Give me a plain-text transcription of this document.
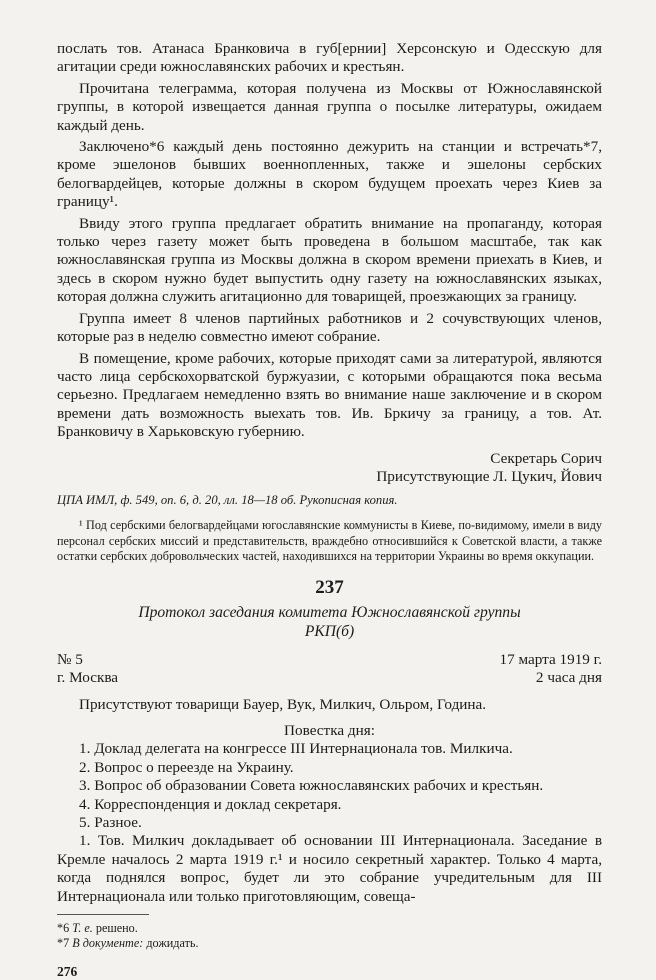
послать тов. Атанаса Бранковича в губ[ернии] Херсонскую и Одесскую для агитации среди южнославянских рабочих и крестьян.

Прочитана телеграмма, которая получена из Москвы от Южнославянской группы, в которой извещается данная группа о посылке литературы, ожидаем каждый день.

Заключено*6 каждый день постоянно дежурить на станции и встречать*7, кроме эшелонов бывших военнопленных, также и эшелоны сербских белогвардейцев, которые должны в скором будущем проехать через Киев за границу¹.

Ввиду этого группа предлагает обратить внимание на пропаганду, которая только через газету может быть проведена в большом масштабе, так как южнославянская группа из Москвы должна в скором времени приехать в Киев, и здесь в скором нужно будет выпустить одну газету на южнославянских языках, которая должна служить агитационно для товарищей, проезжающих за границу.

Группа имеет 8 членов партийных работников и 2 сочувствующих членов, которые раз в неделю совместно имеют собрание.

В помещение, кроме рабочих, которые приходят сами за литературой, являются часто лица сербскохорватской буржуазии, с которыми обращаются пока весьма серьезно. Предлагаем немедленно взять во внимание наше заключение и в скором времени дать возможность выехать тов. Ив. Бркичу за границу, а тов. Ат. Бранковичу в Харьковскую губернию.

Секретарь Сорич

Присутствующие Л. Цукич, Йович

ЦПА ИМЛ, ф. 549, оп. 6, д. 20, лл. 18—18 об. Рукописная копия.

¹ Под сербскими белогвардейцами югославянские коммунисты в Киеве, по-видимому, имели в виду персонал сербских миссий и представительств, враждебно относившийся к Советской власти, а также остатки сербских добровольческих частей, находившихся на территории Украины во время оккупации.

237

Протокол заседания комитета Южнославянской группы

РКП(б)

№ 5	17 марта 1919 г.
г. Москва	2 часа дня

Присутствуют товарищи Бауер, Вук, Милкич, Ольром, Година.

Повестка дня:

1. Доклад делегата на конгрессе III Интернационала тов. Милкича.

2. Вопрос о переезде на Украину.

3. Вопрос об образовании Совета южнославянских рабочих и крестьян.

4. Корреспонденция и доклад секретаря.

5. Разное.

1. Тов. Милкич докладывает об основании III Интернационала. Заседание в Кремле началось 2 марта 1919 г.¹ и носило секретный характер. Только 4 марта, когда поднялся вопрос, будет ли это собрание учредительным для III Интернационала или только приготовляющим, совеща-

*6 Т. е. решено.
*7 В документе: дожидать.
276
